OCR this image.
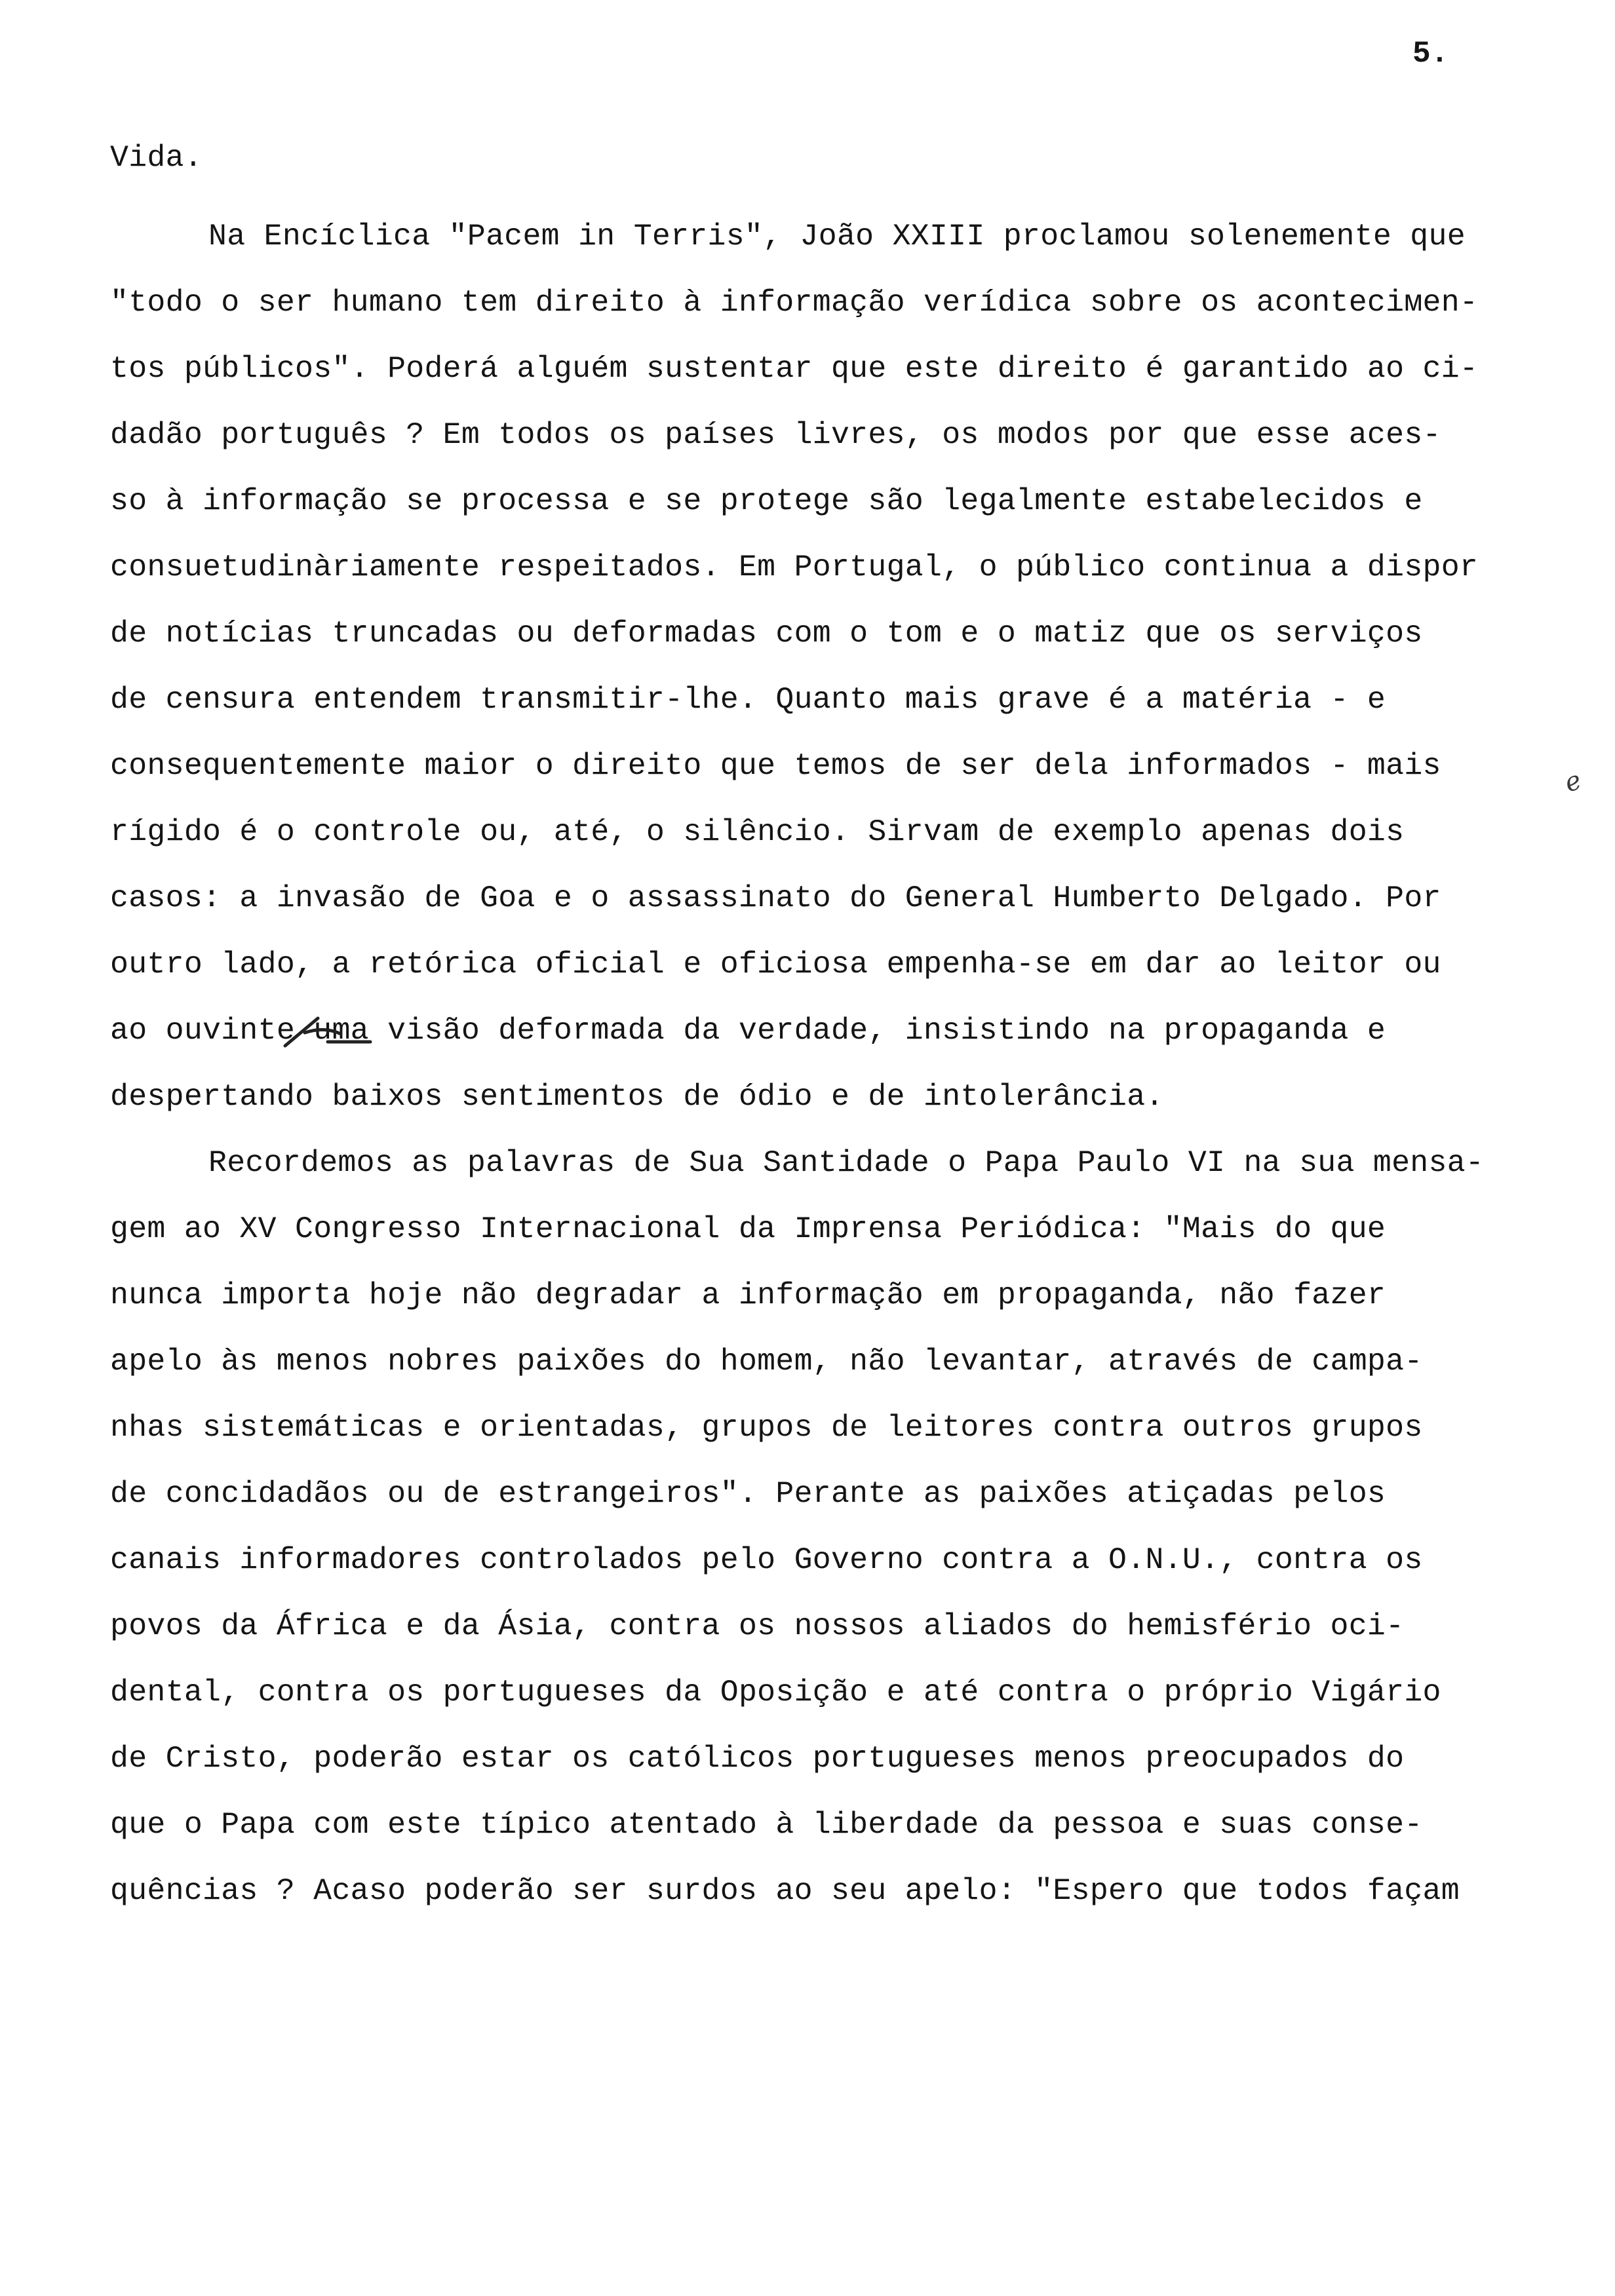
5.
e
Vida.
Na Encíclica "Pacem in Terris", João XXIII proclamou solenemente que
"todo o ser humano tem direito à informação verídica sobre os aconteciмen-
tos públicos". Poderá alguém sustentar que este direito é garantido ao ci-
dadão português ? Em todos os países livres, os modos por que esse aces-
so à informação se processa e se protege são legalmente estabelecidos e
consuetudinàriamente respeitados. Em Portugal, o público continua a dispor
de notícias truncadas ou deformadas com o tom e o matiz que os serviços
de censura entendem transmitir-lhe. Quanto mais grave é a matéria - e
consequentemente maior o direito que temos de ser dela informados - mais
rígido é o controle ou, até, o silêncio. Sirvam de exemplo apenas dois
casos: a invasão de Goa e o assassinato do General Humberto Delgado. Por
outro lado, a retórica oficial e oficiosa empenha-se em dar ao leitor ou
ao ouvinte uma visão deformada da verdade, insistindo na propaganda e
despertando baixos sentimentos de ódio e de intolerância.
Recordemos as palavras de Sua Santidade o Papa Paulo VI na sua mensa-
gem ao XV Congresso Internacional da Imprensa Periódica: "Mais do que
nunca importa hoje não degradar a informação em propaganda, não fazer
apelo às menos nobres paixões do homem, não levantar, através de campa-
nhas sistemáticas e orientadas, grupos de leitores contra outros grupos
de concidadãos ou de estrangeiros". Perante as paixões atiçadas pelos
canais informadores controlados pelo Governo contra a O.N.U., contra os
povos da África e da Ásia, contra os nossos aliados do hemisfério oci-
dental, contra os portugueses da Oposição e até contra o próprio Vigário
de Cristo, poderão estar os católicos portugueses menos preocupados do
que o Papa com este típico atentado à liberdade da pessoa e suas conse-
quências ? Acaso poderão ser surdos ao seu apelo: "Espero que todos façam
